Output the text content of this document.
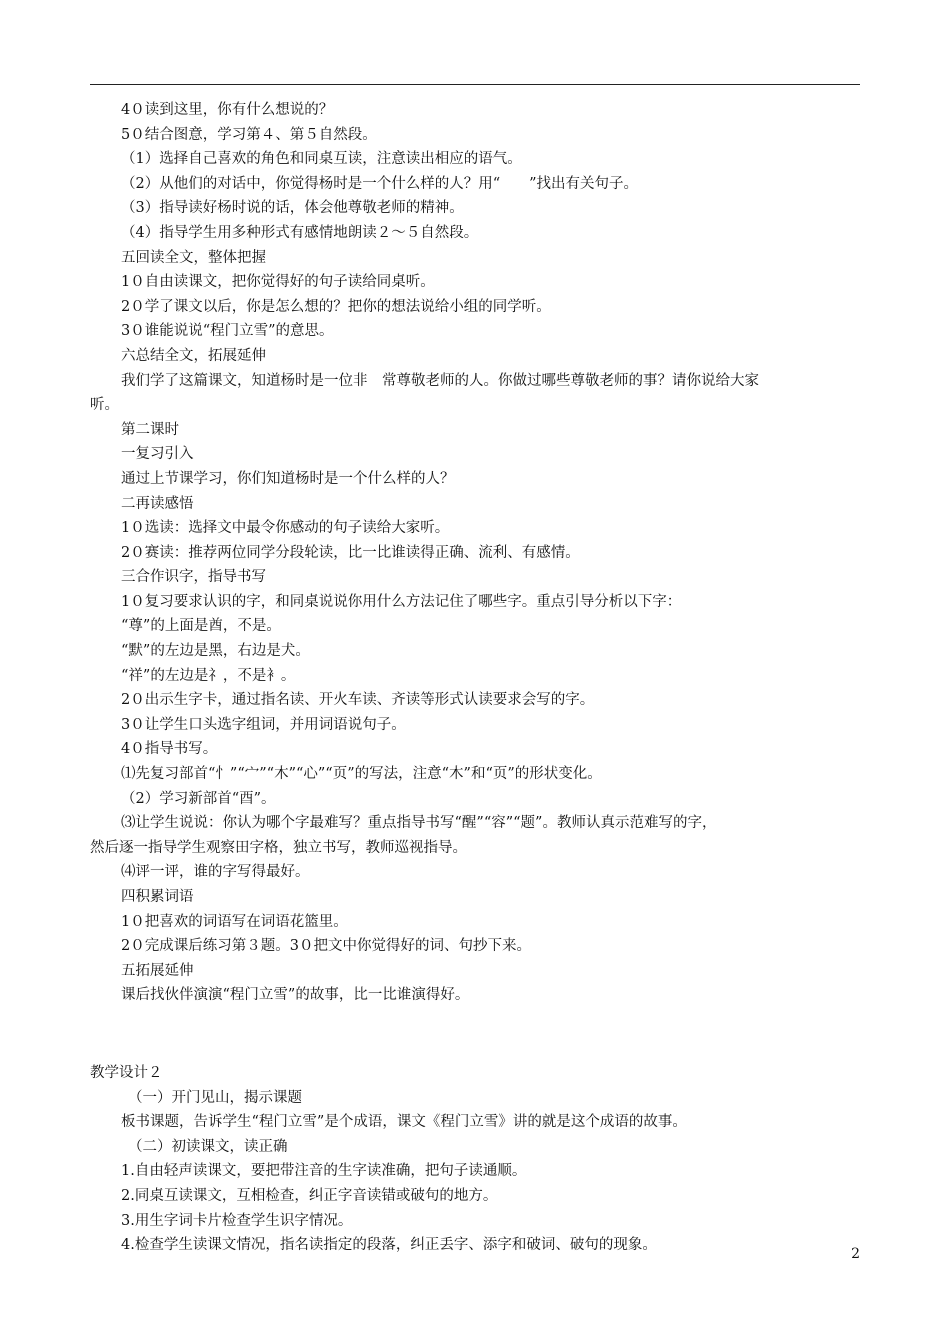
4０读到这里，你有什么想说的？

5０结合图意，学习第４、第５自然段。

（1）选择自己喜欢的角色和同桌互读，注意读出相应的语气。

（2）从他们的对话中，你觉得杨时是一个什么样的人？用“　　”找出有关句子。

（3）指导读好杨时说的话，体会他尊敬老师的精神。

（4）指导学生用多种形式有感情地朗读２～５自然段。

五回读全文，整体把握

1０自由读课文，把你觉得好的句子读给同桌听。

2０学了课文以后，你是怎么想的？把你的想法说给小组的同学听。

3０谁能说说“程门立雪”的意思。

六总结全文，拓展延伸

我们学了这篇课文，知道杨时是一位非　常尊敬老师的人。你做过哪些尊敬老师的事？请你说给大家

听。

第二课时

一复习引入

通过上节课学习，你们知道杨时是一个什么样的人？

二再读感悟

1０选读：选择文中最令你感动的句子读给大家听。

2０赛读：推荐两位同学分段轮读，比一比谁读得正确、流利、有感情。

三合作识字，指导书写

1０复习要求认识的字，和同桌说说你用什么方法记住了哪些字。重点引导分析以下字：

“尊”的上面是酋，不是。

“默”的左边是黑，右边是犬。

“祥”的左边是礻，不是衤。

2０出示生字卡，通过指名读、开火车读、齐读等形式认读要求会写的字。

3０让学生口头选字组词，并用词语说句子。

4０指导书写。

⑴先复习部首“忄”“宀”“木”“心”“页”的写法，注意“木”和“页”的形状变化。

（2）学习新部首“酉”。

⑶让学生说说：你认为哪个字最难写？重点指导书写“醒”“容”“题”。教师认真示范难写的字，

然后逐一指导学生观察田字格，独立书写，教师巡视指导。

⑷评一评，谁的字写得最好。

四积累词语

1０把喜欢的词语写在词语花篮里。

2０完成课后练习第３题。3０把文中你觉得好的词、句抄下来。

五拓展延伸

课后找伙伴演演“程门立雪”的故事，比一比谁演得好。

教学设计２

（一）开门见山，揭示课题

板书课题，告诉学生“程门立雪”是个成语，课文《程门立雪》讲的就是这个成语的故事。

（二）初读课文，读正确

1.自由轻声读课文，要把带注音的生字读准确，把句子读通顺。

2.同桌互读课文，互相检查，纠正字音读错或破句的地方。

3.用生字词卡片检查学生识字情况。

4.检查学生读课文情况，指名读指定的段落，纠正丢字、添字和破词、破句的现象。

2
